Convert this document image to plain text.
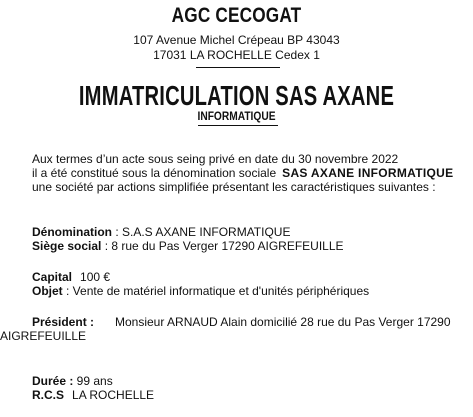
AGC CECOGAT
107 Avenue Michel Crépeau BP 43043
17031 LA ROCHELLE Cedex 1
IMMATRICULATION SAS AXANE
INFORMATIQUE
Aux termes d’un acte sous seing privé en date du 30 novembre 2022
il a été constitué sous la dénomination sociale SAS AXANE INFORMATIQUE
une société par actions simplifiée présentant les caractéristiques suivantes :
Dénomination : S.A.S AXANE INFORMATIQUE
Siège social : 8 rue du Pas Verger 17290 AIGREFEUILLE
Capital 100 €
Objet : Vente de matériel informatique et d'unités périphériques
Président : Monsieur ARNAUD Alain domicilié 28 rue du Pas Verger 17290
AIGREFEUILLE
Durée : 99 ans
R.C.S LA ROCHELLE
